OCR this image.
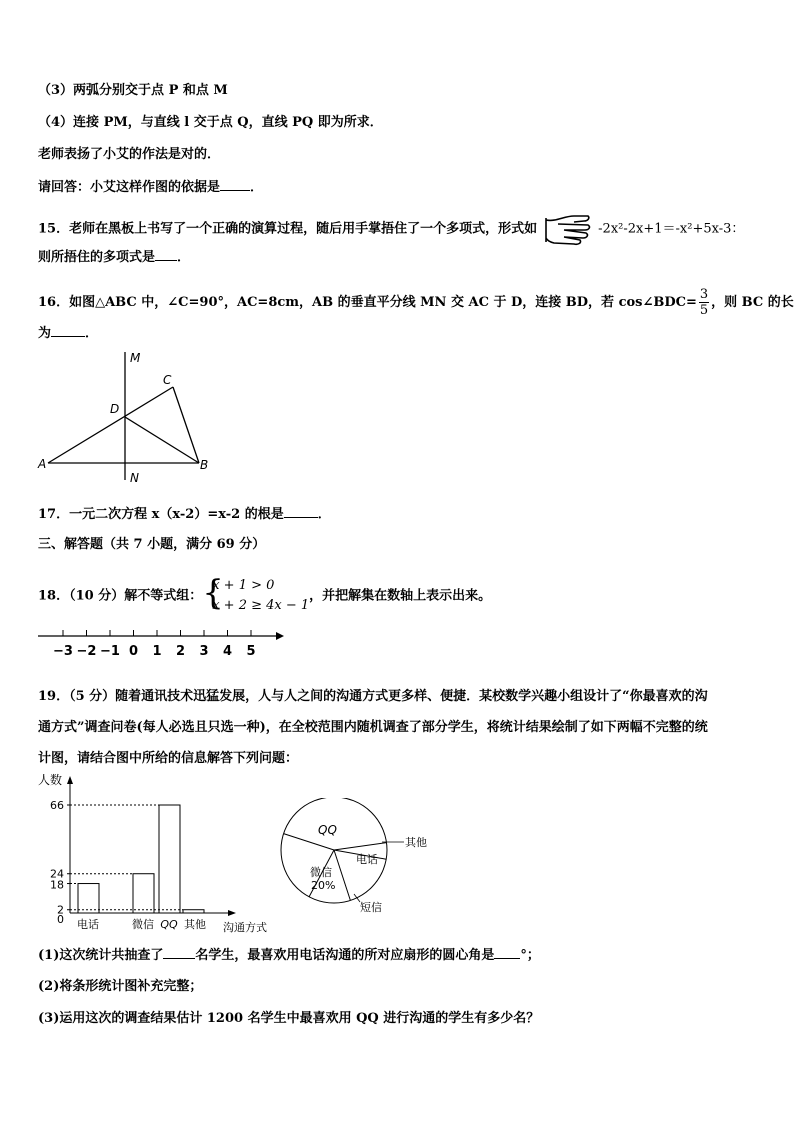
（3）两弧分别交于点 P 和点 M
（4）连接 PM，与直线 l 交于点 Q，直线 PQ 即为所求．
老师表扬了小艾的作法是对的．
请回答：小艾这样作图的依据是 ．
15．老师在黑板上书写了一个正确的演算过程，随后用手掌捂住了一个多项式，形式如	-2x²-2x+1＝-x²+5x-3：
则所捂住的多项式是 ．
16．如图△ABC 中，∠C=90°，AC=8cm，AB 的垂直平分线 MN 交 AC 于 D，连接 BD，若 cos∠BDC= $\frac{3}{5}$ ，则 BC 的长
为	．
M
C
D
A	B
N
17．一元二次方程 x（x-2）=x-2 的根是	．
三、解答题（共 7 小题，满分 69 分）
18．（10 分）解不等式组： {
x + 1 > 0
x + 2 ≥ 4x − 1
，并把解集在数轴上表示出来。
−3 −2 −1 0 1 2 3 4 5
19．（5 分）随着通讯技术迅猛发展，人与人之间的沟通方式更多样、便捷．某校数学兴趣小组设计了“你最喜欢的沟
通方式”调查问卷(每人必选且只选一种)，在全校范围内随机调查了部分学生，将统计结果绘制了如下两幅不完整的统
计图，请结合图中所给的信息解答下列问题：
人数
沟通方式
0
2
18
24
66
电话	微信 QQ 其他
QQ
其他
电话
短信
微信
20%
(1)这次统计共抽查了 名学生，最喜欢用电话沟通的所对应扇形的圆心角是 °；
(2)将条形统计图补充完整；
(3)运用这次的调查结果估计 1200 名学生中最喜欢用 QQ 进行沟通的学生有多少名？
